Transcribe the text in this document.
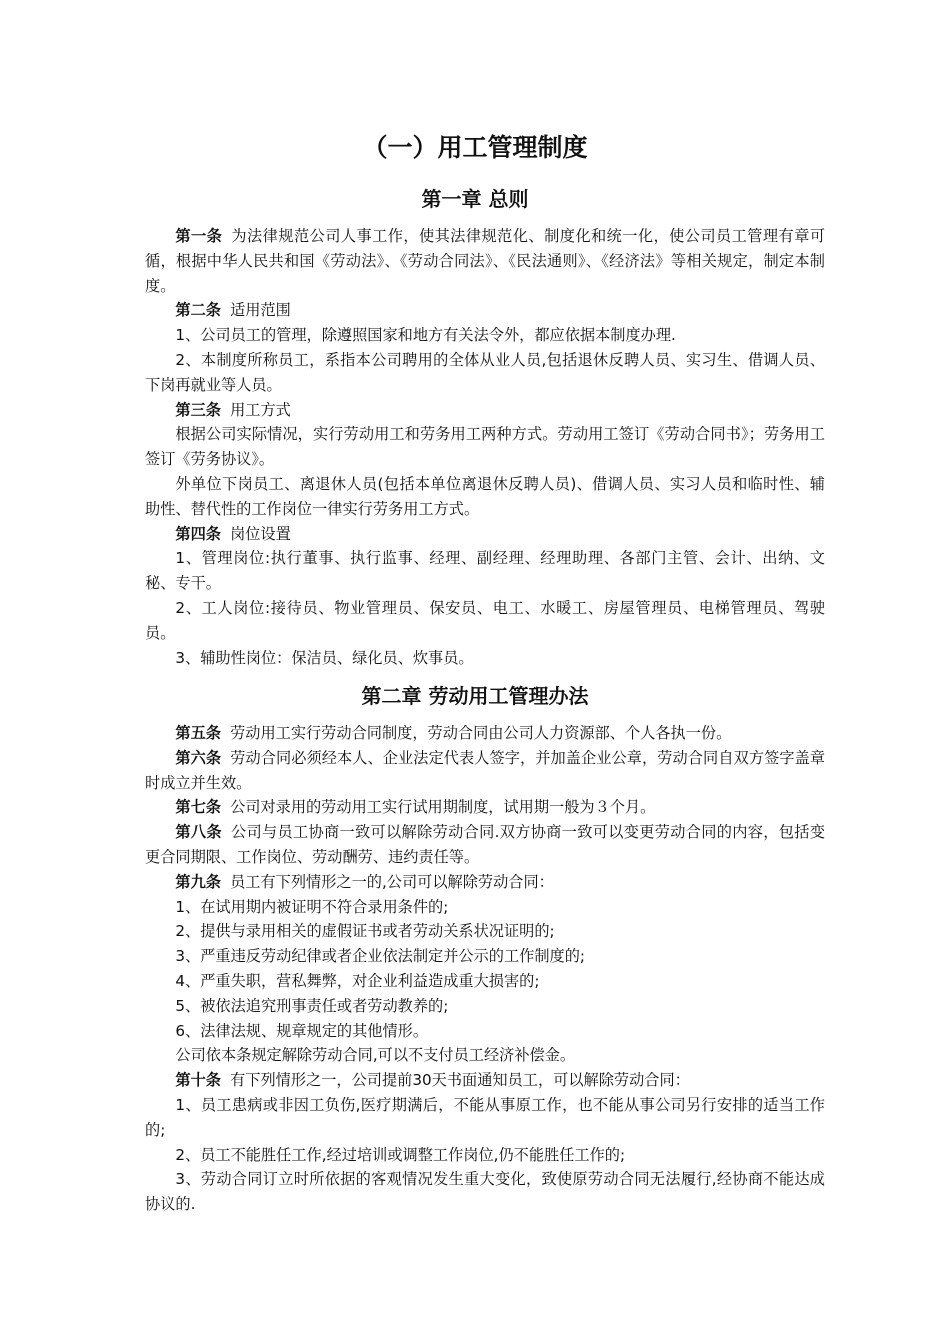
（一）用工管理制度
第一章 总则

第一条 为法律规范公司人事工作，使其法律规范化、制度化和统一化，使公司员工管理有章可循，根据中华人民共和国《劳动法》、《劳动合同法》、《民法通则》、《经济法》等相关规定，制定本制度。

第二条 适用范围

1、公司员工的管理，除遵照国家和地方有关法令外，都应依据本制度办理.

2、本制度所称员工，系指本公司聘用的全体从业人员,包括退休反聘人员、实习生、借调人员、下岗再就业等人员。

第三条 用工方式

根据公司实际情况，实行劳动用工和劳务用工两种方式。劳动用工签订《劳动合同书》；劳务用工签订《劳务协议》。

外单位下岗员工、离退休人员(包括本单位离退休反聘人员)、借调人员、实习人员和临时性、辅助性、替代性的工作岗位一律实行劳务用工方式。

第四条 岗位设置

1、管理岗位:执行董事、执行监事、经理、副经理、经理助理、各部门主管、会计、出纳、文秘、专干。

2、工人岗位:接待员、物业管理员、保安员、电工、水暖工、房屋管理员、电梯管理员、驾驶员。

3、辅助性岗位：保洁员、绿化员、炊事员。

第二章 劳动用工管理办法

第五条 劳动用工实行劳动合同制度，劳动合同由公司人力资源部、个人各执一份。

第六条 劳动合同必须经本人、企业法定代表人签字，并加盖企业公章，劳动合同自双方签字盖章时成立并生效。

第七条 公司对录用的劳动用工实行试用期制度，试用期一般为３个月。

第八条 公司与员工协商一致可以解除劳动合同.双方协商一致可以变更劳动合同的内容，包括变更合同期限、工作岗位、劳动酬劳、违约责任等。

第九条 员工有下列情形之一的,公司可以解除劳动合同：

1、在试用期内被证明不符合录用条件的;

2、提供与录用相关的虚假证书或者劳动关系状况证明的;

3、严重违反劳动纪律或者企业依法制定并公示的工作制度的;

4、严重失职，营私舞弊，对企业利益造成重大损害的;

5、被依法追究刑事责任或者劳动教养的;

6、法律法规、规章规定的其他情形。

公司依本条规定解除劳动合同,可以不支付员工经济补偿金。

第十条 有下列情形之一，公司提前30天书面通知员工，可以解除劳动合同：

1、员工患病或非因工负伤,医疗期满后，不能从事原工作，也不能从事公司另行安排的适当工作的;

2、员工不能胜任工作,经过培训或调整工作岗位,仍不能胜任工作的;

3、劳动合同订立时所依据的客观情况发生重大变化，致使原劳动合同无法履行,经协商不能达成协议的.
